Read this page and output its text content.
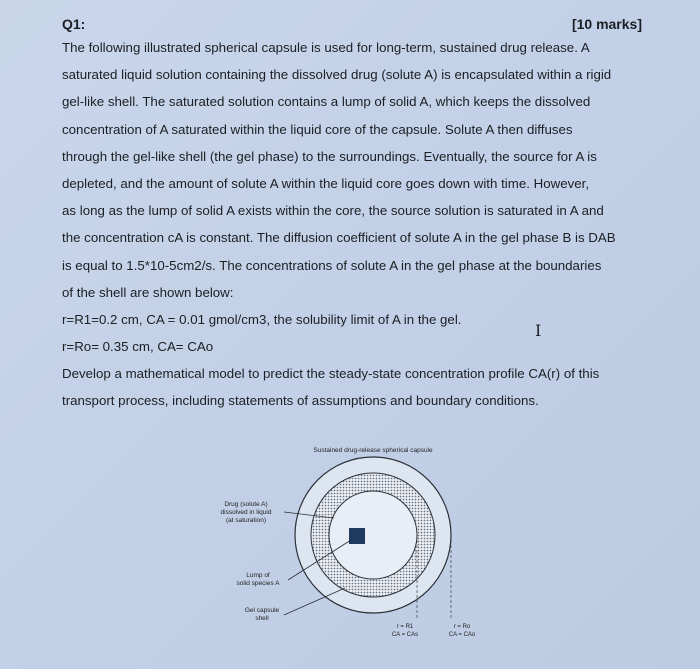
Q1:	[10 marks]

The following illustrated spherical capsule is used for long-term, sustained drug release. A
saturated liquid solution containing the dissolved drug (solute A) is encapsulated within a rigid
gel-like shell. The saturated solution contains a lump of solid A, which keeps the dissolved
concentration of A saturated within the liquid core of the capsule. Solute A then diffuses
through the gel-like shell (the gel phase) to the surroundings. Eventually, the source for A is
depleted, and the amount of solute A within the liquid core goes down with time. However,
as long as the lump of solid A exists within the core, the source solution is saturated in A and
the concentration cA is constant. The diffusion coefficient of solute A in the gel phase B is DAB
is equal to 1.5*10-5cm2/s. The concentrations of solute A in the gel phase at the boundaries
of the shell are shown below:

r=R1=0.2 cm, CA = 0.01 gmol/cm3, the solubility limit of A in the gel.
r=Ro= 0.35 cm, CA= CAo

Develop a mathematical model to predict the steady-state concentration profile CA(r) of this
transport process, including statements of assumptions and boundary conditions.

I
Sustained drug-release spherical capsule
Drug (solute A)
dissolved in liquid
(at saturation)
Lump of
solid species A
Gel capsule
shell
r = R1
CA = CAs
r = Ro
CA = CAo
